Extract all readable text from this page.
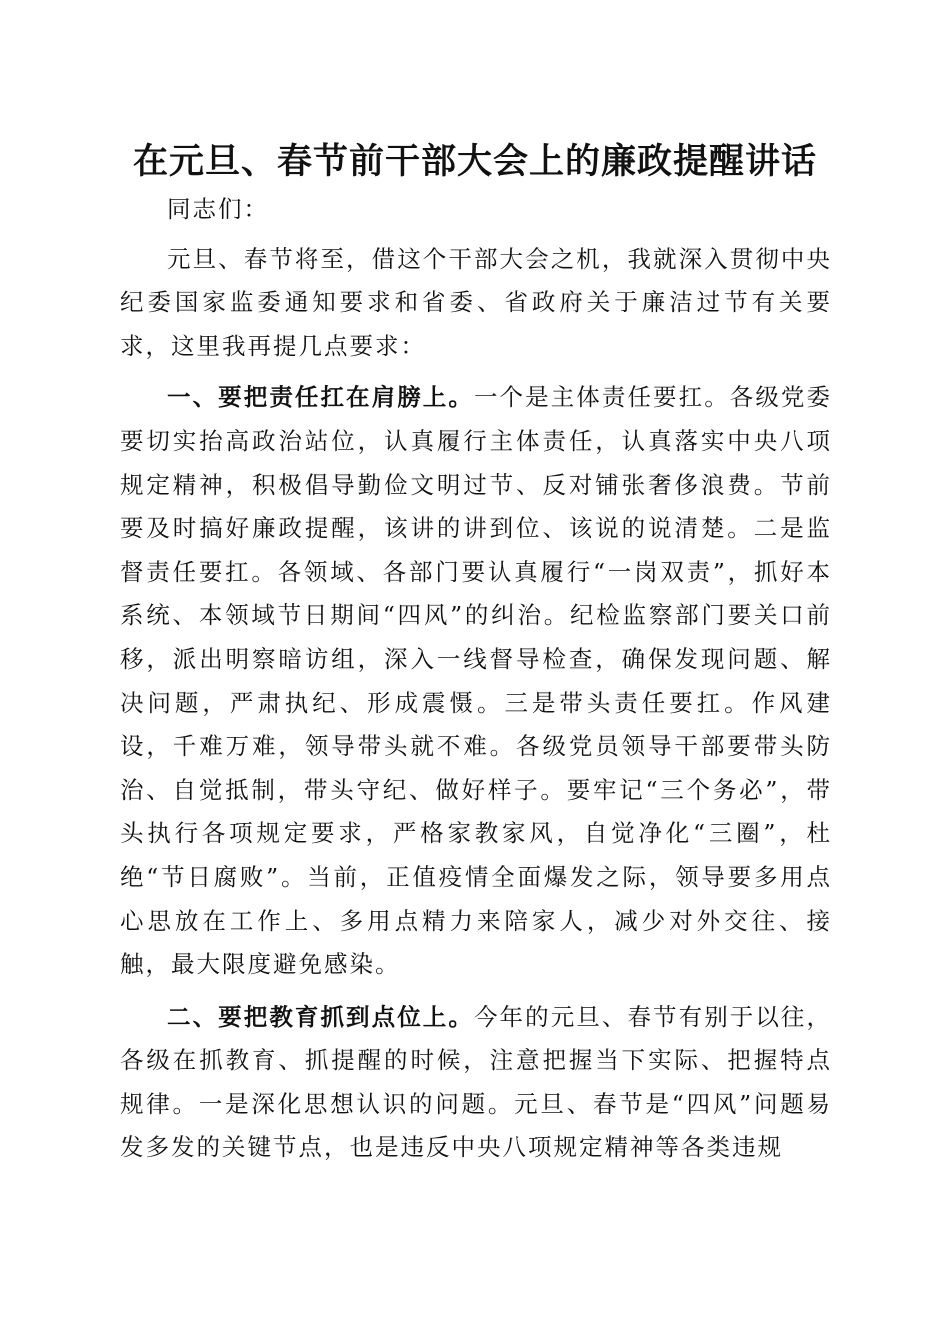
在元旦、春节前干部大会上的廉政提醒讲话

同志们：

元旦、春节将至，借这个干部大会之机，我就深入贯彻中央纪委国家监委通知要求和省委、省政府关于廉洁过节有关要求，这里我再提几点要求：

一、要把责任扛在肩膀上。一个是主体责任要扛。各级党委要切实抬高政治站位，认真履行主体责任，认真落实中央八项规定精神，积极倡导勤俭文明过节、反对铺张奢侈浪费。节前要及时搞好廉政提醒，该讲的讲到位、该说的说清楚。二是监督责任要扛。各领域、各部门要认真履行“一岗双责”，抓好本系统、本领域节日期间“四风”的纠治。纪检监察部门要关口前移，派出明察暗访组，深入一线督导检查，确保发现问题、解决问题，严肃执纪、形成震慑。三是带头责任要扛。作风建设，千难万难，领导带头就不难。各级党员领导干部要带头防治、自觉抵制，带头守纪、做好样子。要牢记“三个务必”，带头执行各项规定要求，严格家教家风，自觉净化“三圈”，杜绝“节日腐败”。当前，正值疫情全面爆发之际，领导要多用点心思放在工作上、多用点精力来陪家人，减少对外交往、接触，最大限度避免感染。

二、要把教育抓到点位上。今年的元旦、春节有别于以往，各级在抓教育、抓提醒的时候，注意把握当下实际、把握特点规律。一是深化思想认识的问题。元旦、春节是“四风”问题易发多发的关键节点，也是违反中央八项规定精神等各类违规
